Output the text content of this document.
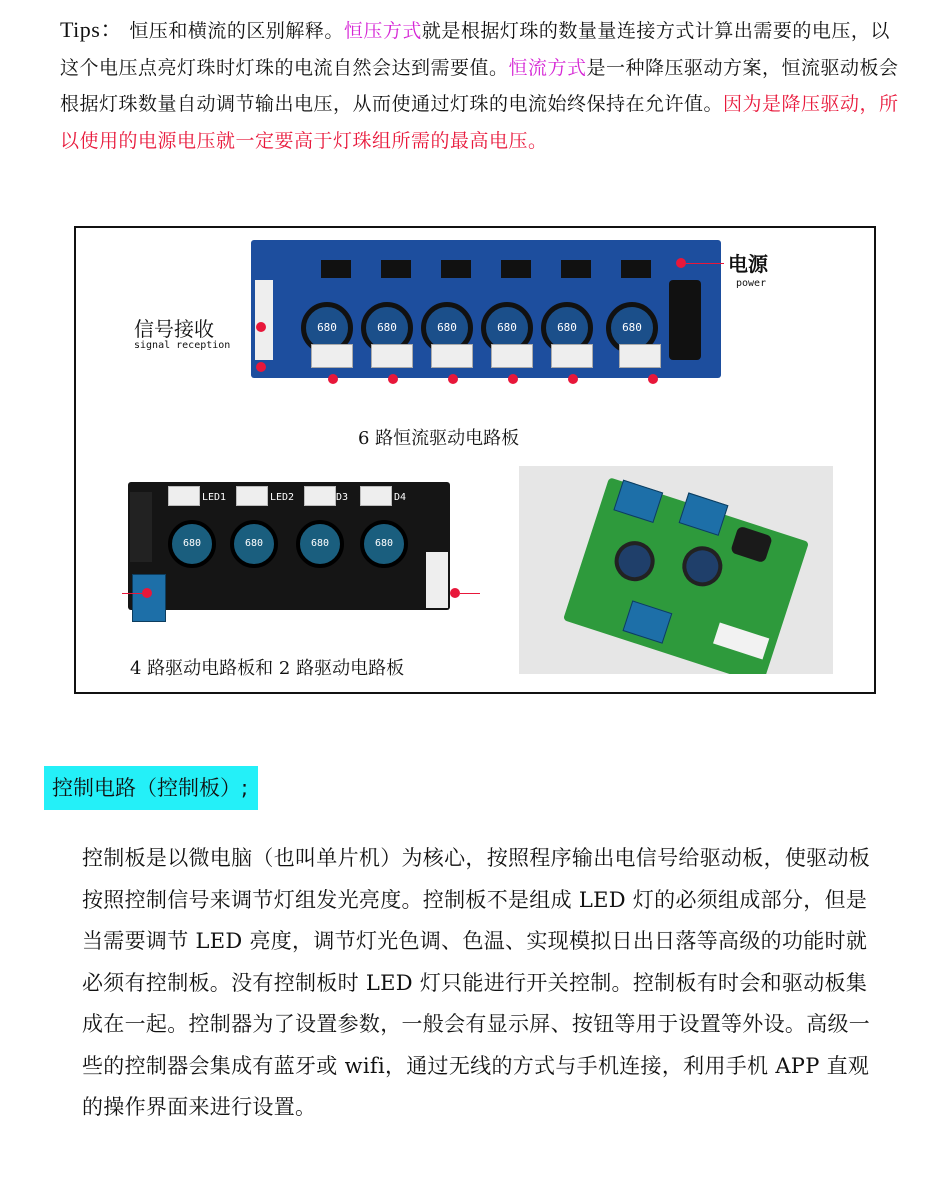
Tips： 恒压和横流的区别解释。恒压方式就是根据灯珠的数量量连接方式计算出需要的电压，以这个电压点亮灯珠时灯珠的电流自然会达到需要值。恒流方式是一种降压驱动方案，恒流驱动板会根据灯珠数量自动调节输出电压，从而使通过灯珠的电流始终保持在允许值。因为是降压驱动，所以使用的电源电压就一定要高于灯珠组所需的最高电压。
680	680	680	680	680	680
电源
power
信号接收
signal reception
6 路恒流驱动电路板
LED1	LED2	D3	D4
680	680	680	680
4 路驱动电路板和 2 路驱动电路板
控制电路（控制板）;
控制板是以微电脑（也叫单片机）为核心，按照程序输出电信号给驱动板，使驱动板按照控制信号来调节灯组发光亮度。控制板不是组成 LED 灯的必须组成部分，但是当需要调节 LED 亮度，调节灯光色调、色温、实现模拟日出日落等高级的功能时就必须有控制板。没有控制板时 LED 灯只能进行开关控制。控制板有时会和驱动板集成在一起。控制器为了设置参数，一般会有显示屏、按钮等用于设置等外设。高级一些的控制器会集成有蓝牙或 wifi，通过无线的方式与手机连接，利用手机 APP 直观的操作界面来进行设置。
